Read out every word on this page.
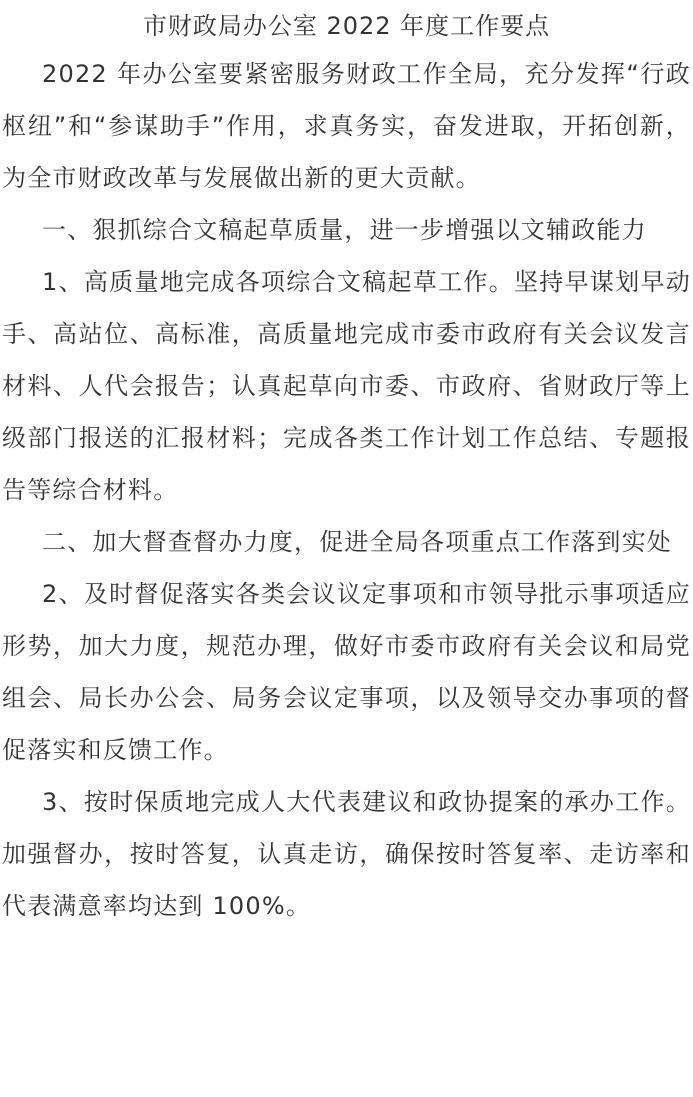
市财政局办公室 2022 年度工作要点

2022 年办公室要紧密服务财政工作全局，充分发挥“行政枢纽”和“参谋助手”作用，求真务实，奋发进取，开拓创新，为全市财政改革与发展做出新的更大贡献。

一、狠抓综合文稿起草质量，进一步增强以文辅政能力

1、高质量地完成各项综合文稿起草工作。坚持早谋划早动手、高站位、高标准，高质量地完成市委市政府有关会议发言材料、人代会报告；认真起草向市委、市政府、省财政厅等上级部门报送的汇报材料；完成各类工作计划工作总结、专题报告等综合材料。

二、加大督查督办力度，促进全局各项重点工作落到实处

2、及时督促落实各类会议议定事项和市领导批示事项适应形势，加大力度，规范办理，做好市委市政府有关会议和局党组会、局长办公会、局务会议定事项，以及领导交办事项的督促落实和反馈工作。

3、按时保质地完成人大代表建议和政协提案的承办工作。加强督办，按时答复，认真走访，确保按时答复率、走访率和代表满意率均达到 100%。
